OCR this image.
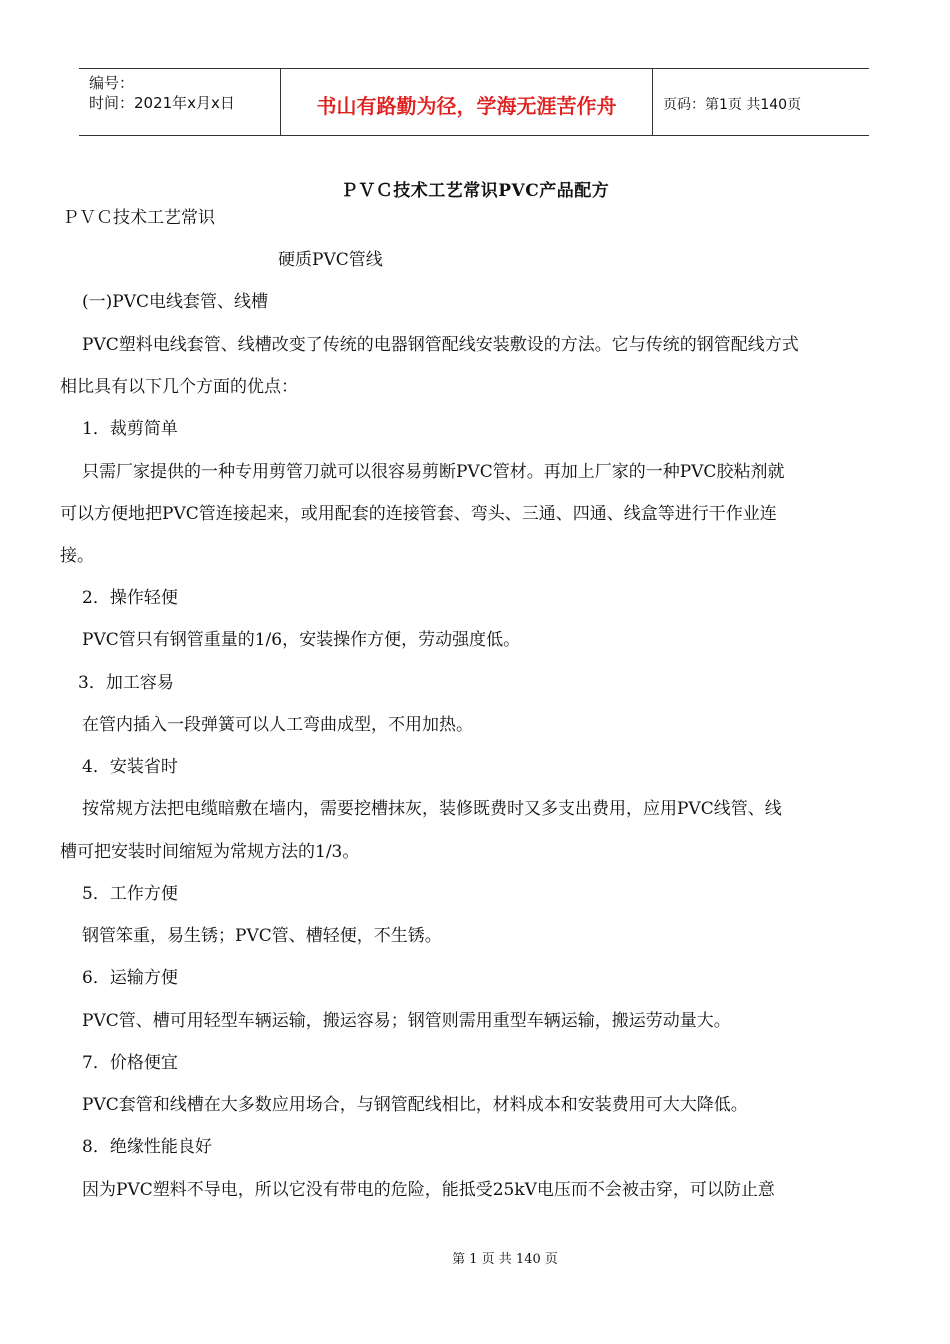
编号：
时间：2021年x月x日	书山有路勤为径，学海无涯苦作舟	页码：第1页 共140页
ＰＶＣ技术工艺常识PVC产品配方
ＰＶＣ技术工艺常识
硬质PVC管线
(一)PVC电线套管、线槽
PVC塑料电线套管、线槽改变了传统的电器钢管配线安装敷设的方法。它与传统的钢管配线方式
相比具有以下几个方面的优点：
1．裁剪简单
只需厂家提供的一种专用剪管刀就可以很容易剪断PVC管材。再加上厂家的一种PVC胶粘剂就
可以方便地把PVC管连接起来，或用配套的连接管套、弯头、三通、四通、线盒等进行干作业连
接。
2．操作轻便
PVC管只有钢管重量的1/6，安装操作方便，劳动强度低。
3．加工容易
在管内插入一段弹簧可以人工弯曲成型，不用加热。
4．安装省时
按常规方法把电缆暗敷在墙内，需要挖槽抹灰，装修既费时又多支出费用，应用PVC线管、线
槽可把安装时间缩短为常规方法的1/3。
5．工作方便
钢管笨重，易生锈；PVC管、槽轻便，不生锈。
6．运输方便
PVC管、槽可用轻型车辆运输，搬运容易；钢管则需用重型车辆运输，搬运劳动量大。
7．价格便宜
PVC套管和线槽在大多数应用场合，与钢管配线相比，材料成本和安装费用可大大降低。
8．绝缘性能良好
因为PVC塑料不导电，所以它没有带电的危险，能抵受25kV电压而不会被击穿，可以防止意
第 1 页 共 140 页
